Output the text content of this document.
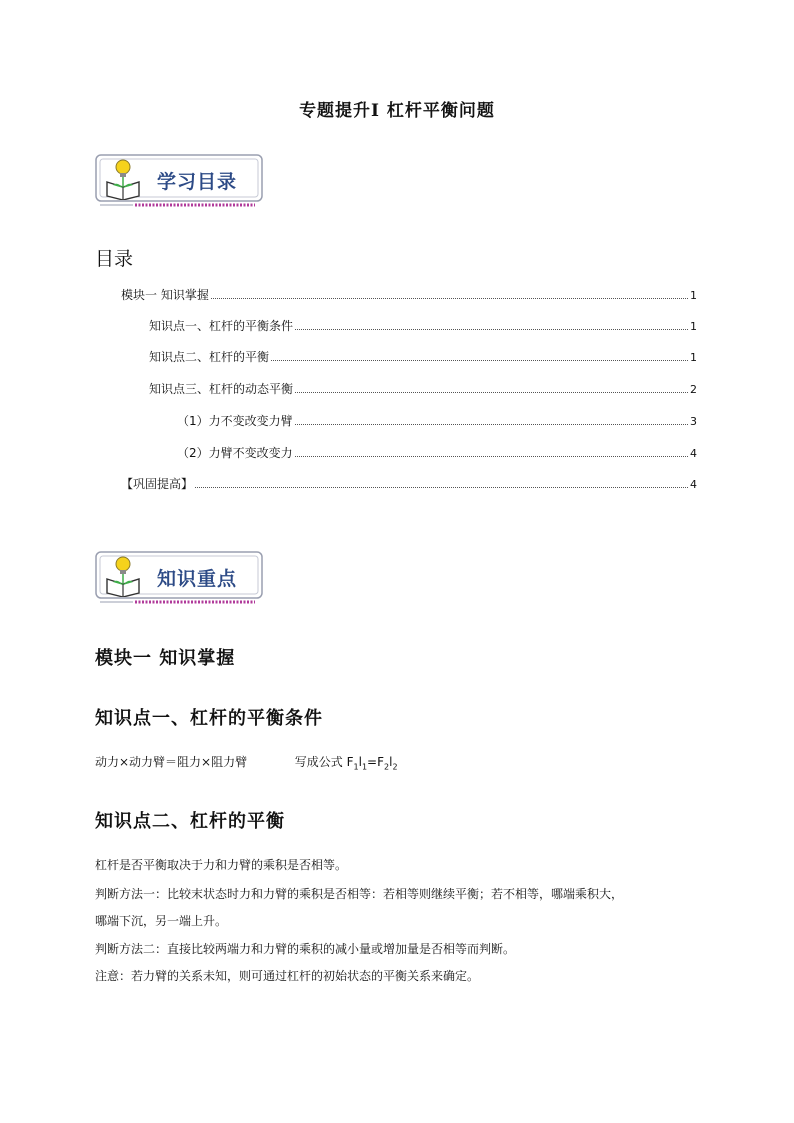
专题提升Ⅰ 杠杆平衡问题
学习目录
目录
模块一 知识掌握	1
知识点一、杠杆的平衡条件	1
知识点二、杠杆的平衡	1
知识点三、杠杆的动态平衡	2
（1）力不变改变力臂	3
（2）力臂不变改变力	4
【巩固提高】	4
知识重点
模块一 知识掌握
知识点一、杠杆的平衡条件
动力×动力臂＝阻力×阻力臂	写成公式 $F_1l_1=F_2l_2$
知识点二、杠杆的平衡
杠杆是否平衡取决于力和力臂的乘积是否相等。
判断方法一：比较末状态时力和力臂的乘积是否相等：若相等则继续平衡；若不相等，哪端乘积大，
哪端下沉，另一端上升。
判断方法二：直接比较两端力和力臂的乘积的减小量或增加量是否相等而判断。
注意：若力臂的关系未知，则可通过杠杆的初始状态的平衡关系来确定。
